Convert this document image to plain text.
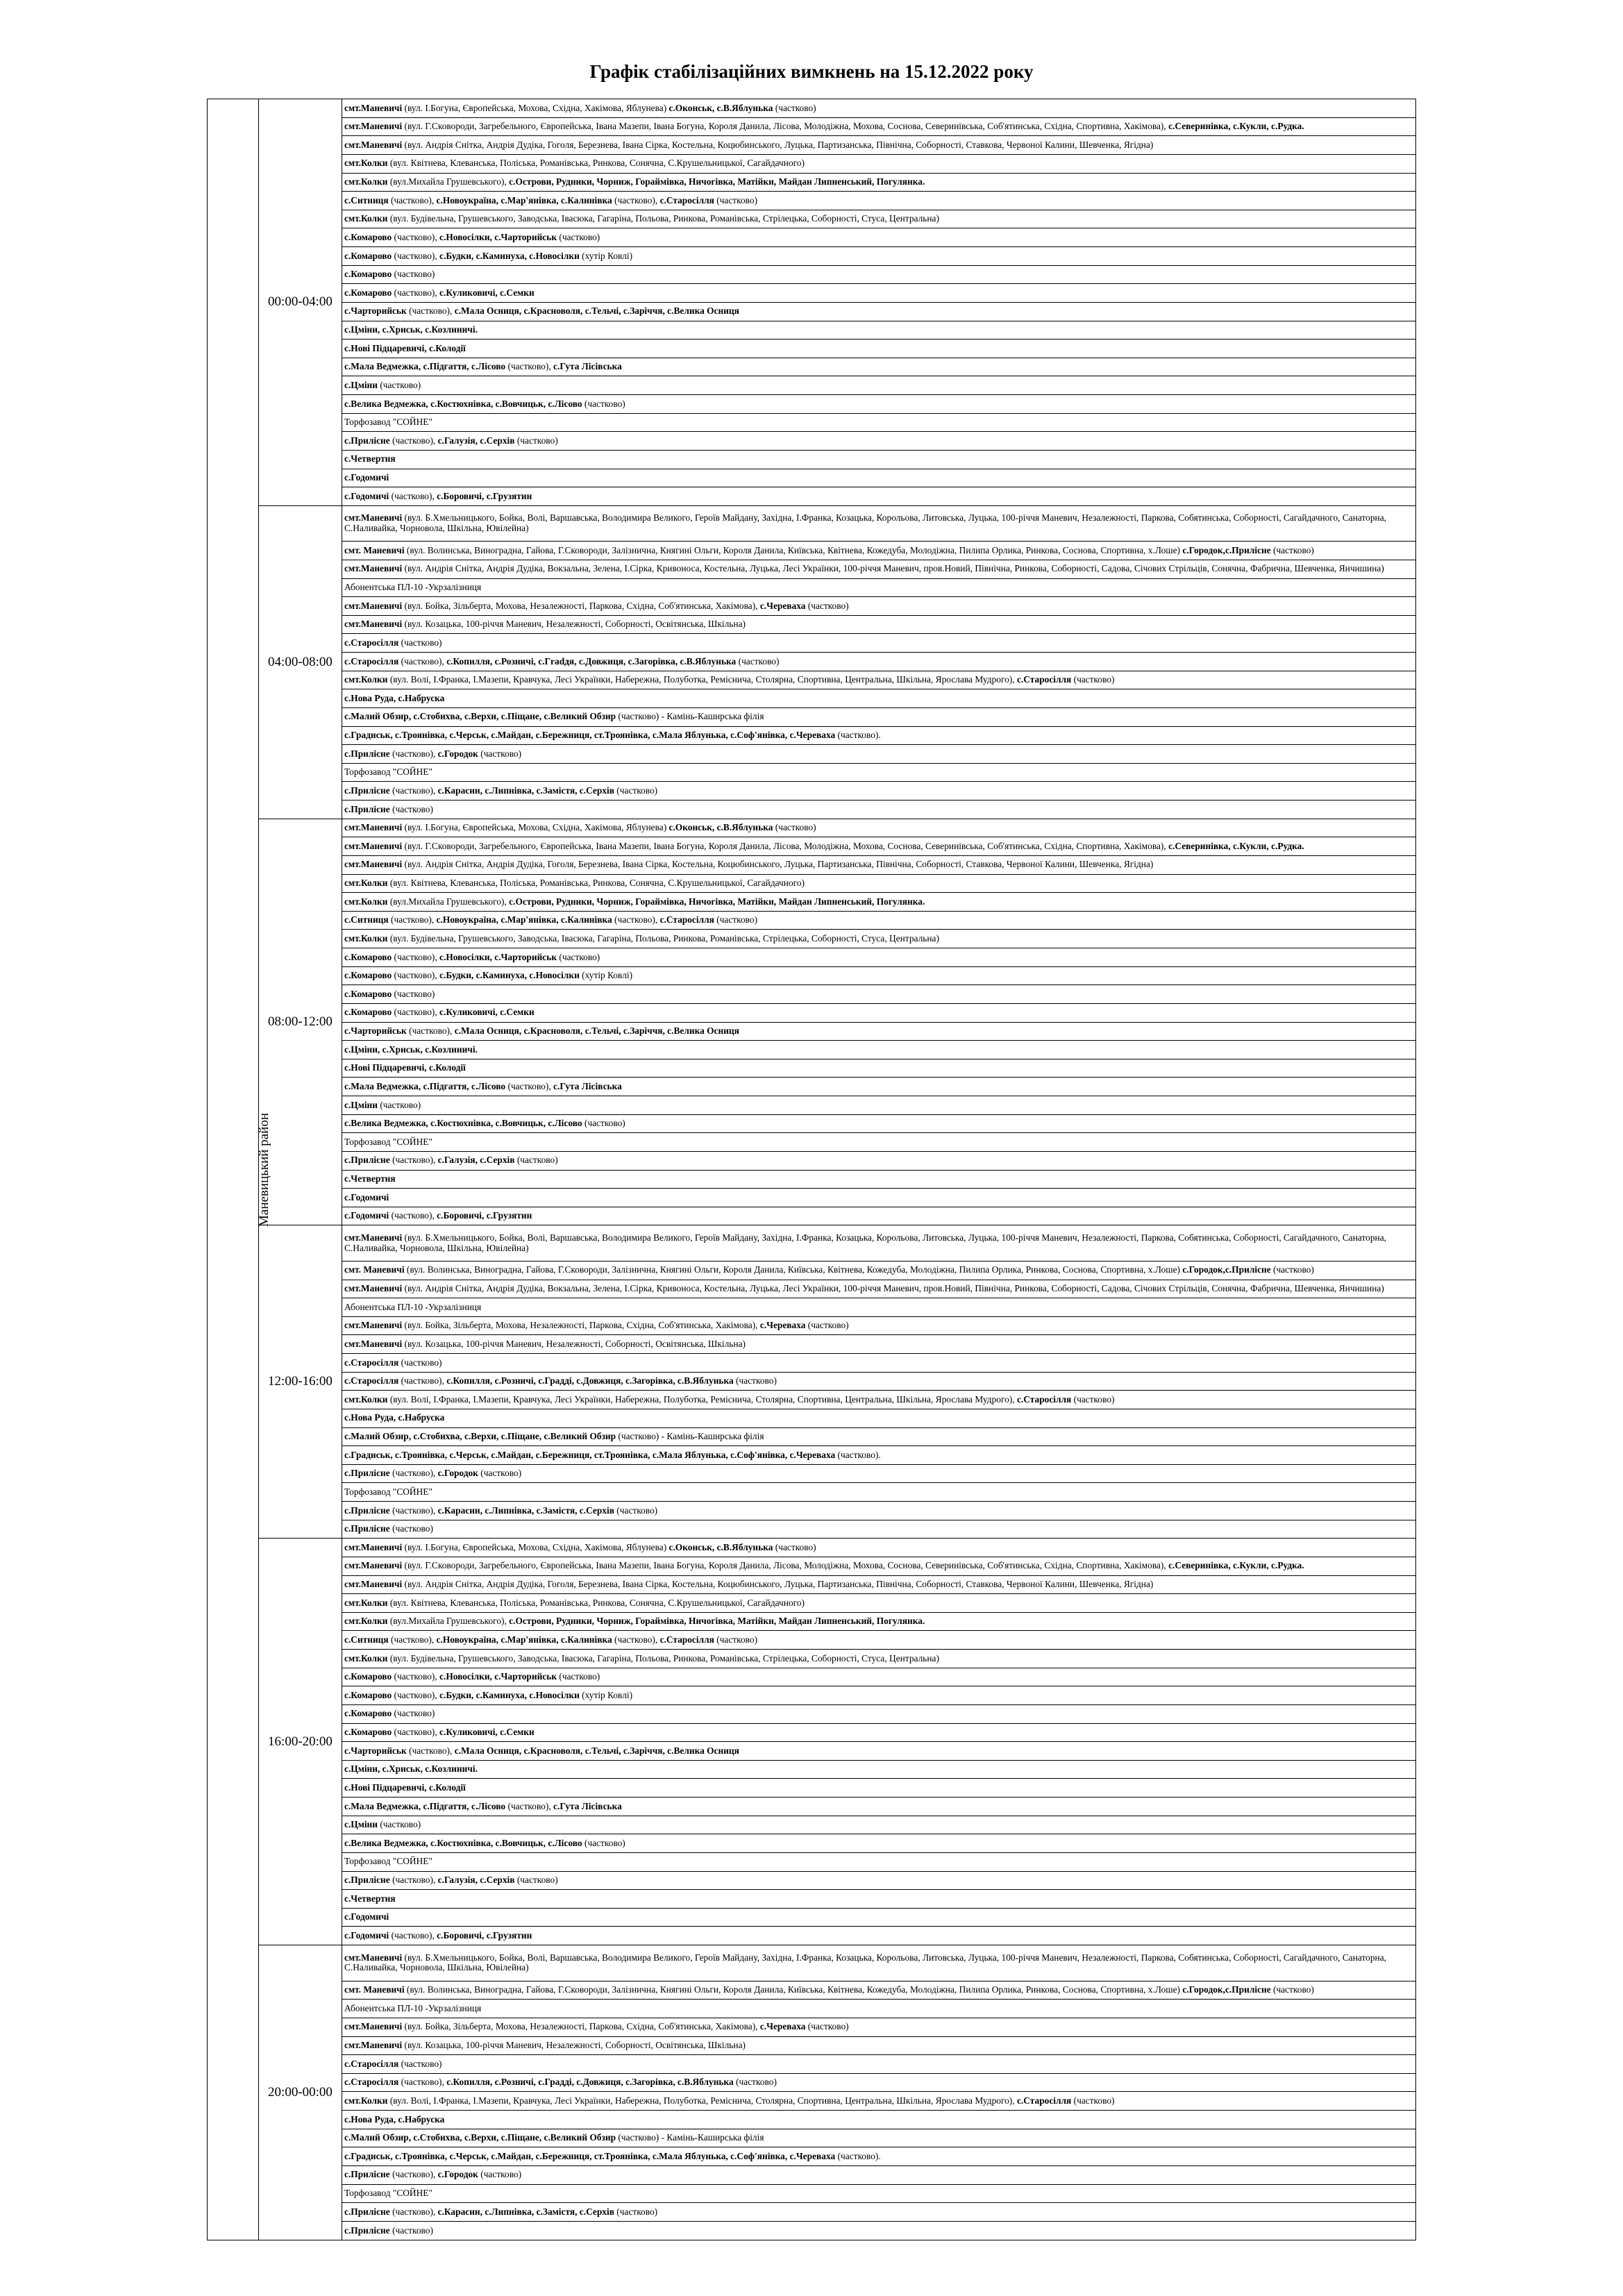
Графік стабілізаційних вимкнень на 15.12.2022 року
Маневицький район	00:00-04:00	смт.Маневичі (вул. І.Богуна, Європейська, Мохова, Східна, Хакімова, Яблунева) с.Оконськ, с.В.Яблунька (частково)
		смт.Маневичі (вул. Г.Сковороди, Загребельного, Європейська, Івана Мазепи, Івана Богуна, Короля Данила, Лісова, Молодіжна, Мохова, Соснова, Северинівська, Соб'ятинська, Східна, Спортивна, Хакімова), с.Северинівка, с.Кукли, с.Рудка.
		смт.Маневичі (вул. Андрія Снітка, Андрія Дудіка, Гоголя, Березнева, Івана Сірка, Костельна, Коцюбинського, Луцька, Партизанська, Північна, Соборності, Ставкова, Червоної Калини, Шевченка, Ягідна)
		смт.Колки (вул. Квітнева, Клеванська, Поліська, Романівська, Ринкова, Сонячна, С.Крушельницької, Сагайдачного)
		смт.Колки (вул.Михайла Грушевського), с.Острови, Рудники, Чорниж, Гораймівка, Ничогівка, Матійки, Майдан Липненський, Погулянка.
		с.Ситниця (частково), с.Новоукраїна, с.Мар'янівка, с.Калинівка (частково), с.Старосілля (частково)
		смт.Колки (вул. Будівельна, Грушевського, Заводська, Івасюка, Гагаріна, Польова, Ринкова, Романівська, Стрілецька, Соборності, Стуса, Центральна)
		с.Комарово (частково), с.Новосілки, с.Чарторийськ (частково)
		с.Комарово (частково), с.Будки, с.Каминуха, с.Новосілки (хутір Ковлі)
		с.Комарово (частково)
		с.Комарово (частково), с.Куликовичі, с.Семки
		с.Чарторийськ (частково), с.Мала Осниця, с.Красноволя, с.Тельчі, с.Заріччя, с.Велика Осниця
		с.Цміни, с.Хриськ, с.Козлиничі.
		с.Нові Підцаревичі, с.Колодії
		с.Мала Ведмежка, с.Підгаття, с.Лісово (частково), с.Гута Лісівська
		с.Цміни (частково)
		с.Велика Ведмежка, с.Костюхнівка, с.Вовчицьк, с.Лісово (частково)
		Торфозавод "СОЙНЕ"
		с.Прилісне (частково), с.Галузія, с.Серхів (частково)
		с.Четвертня
		с.Годомичі
		с.Годомичі (частково), с.Боровичі, с.Грузятин
	04:00-08:00	смт.Маневичі (вул. Б.Хмельницького, Бойка, Волі, Варшавська, Володимира Великого, Героїв Майдану, Західна, І.Франка, Козацька, Корольова, Литовська, Луцька, 100-річчя Маневич, Незалежності, Паркова, Собятинська, Соборності, Сагайдачного, Санаторна, С.Наливайка, Чорновола, Шкільна, Ювілейна)
		смт. Маневичі (вул. Волинська, Виноградна, Гайова, Г.Сковороди, Залізнична, Княгині Ольги, Короля Данила, Київська, Квітнева, Кожедуба, Молодіжна, Пилипа Орлика, Ринкова, Соснова, Спортивна, х.Лоше) с.Городок,с.Прилісне (частково)
		смт.Маневичі (вул. Андрія Снітка, Андрія Дудіка, Вокзальна, Зелена, І.Сірка, Кривоноса, Костельна, Луцька, Лесі Українки, 100-річчя Маневич, пров.Новий, Північна, Ринкова, Соборності, Садова, Січових Стрільців, Сонячна, Фабрична, Шевченка, Янчишина)
		Абонентська ПЛ-10 -Укрзалізниця
		смт.Маневичі (вул. Бойка, Зільберта, Мохова, Незалежності, Паркова, Східна, Соб'ятинська, Хакімова), с.Череваха (частково)
		смт.Маневичі (вул. Козацька, 100-річчя Маневич, Незалежності, Соборності, Освітянська, Шкільна)
		с.Старосілля (частково)
		с.Старосілля (частково), с.Копилля, с.Розничі, с.Гradдя, с.Довжиця, с.Загорівка, с.В.Яблунька (частково)
		смт.Колки (вул. Волі, І.Франка, І.Мазепи, Кравчука, Лесі Українки, Набережна, Полуботка, Ремісничa, Столярна, Спортивна, Центральна, Шкільна, Ярослава Мудрого), с.Старосілля (частково)
		с.Нова Руда, с.Набруска
		с.Малий Обзир, с.Стобихва, с.Верхи, с.Піщане, с.Великий Обзир (частково) - Камінь-Каширська філія
		с.Градиськ, с.Троянівка, с.Черськ, с.Майдан, с.Бережниця, ст.Троянівка, с.Мала Яблунька, с.Соф'янівка, с.Череваха (частково).
		с.Прилісне (частково), с.Городок (частково)
		Торфозавод "СОЙНЕ"
		с.Прилісне (частково), с.Карасин, с.Липнівка, с.Замістя, с.Серхів (частково)
		с.Прилісне (частково)
	08:00-12:00	смт.Маневичі (вул. І.Богуна, Європейська, Мохова, Східна, Хакімова, Яблунева) с.Оконськ, с.В.Яблунька (частково)
		смт.Маневичі (вул. Г.Сковороди, Загребельного, Європейська, Івана Мазепи, Івана Богуна, Короля Данила, Лісова, Молодіжна, Мохова, Соснова, Северинівська, Соб'ятинська, Східна, Спортивна, Хакімова), с.Северинівка, с.Кукли, с.Рудка.
		смт.Маневичі (вул. Андрія Снітка, Андрія Дудіка, Гоголя, Березнева, Івана Сірка, Костельна, Коцюбинського, Луцька, Партизанська, Північна, Соборності, Ставкова, Червоної Калини, Шевченка, Ягідна)
		смт.Колки (вул. Квітнева, Клеванська, Поліська, Романівська, Ринкова, Сонячна, С.Крушельницької, Сагайдачного)
		смт.Колки (вул.Михайла Грушевського), с.Острови, Рудники, Чорниж, Гораймівка, Ничогівка, Матійки, Майдан Липненський, Погулянка.
		с.Ситниця (частково), с.Новоукраїна, с.Мар'янівка, с.Калинівка (частково), с.Старосілля (частково)
		смт.Колки (вул. Будівельна, Грушевського, Заводська, Івасюка, Гагаріна, Польова, Ринкова, Романівська, Стрілецька, Соборності, Стуса, Центральна)
		с.Комарово (частково), с.Новосілки, с.Чарторийськ (частково)
		с.Комарово (частково), с.Будки, с.Каминуха, с.Новосілки (хутір Ковлі)
		с.Комарово (частково)
		с.Комарово (частково), с.Куликовичі, с.Семки
		с.Чарторийськ (частково), с.Мала Осниця, с.Красноволя, с.Тельчі, с.Заріччя, с.Велика Осниця
		с.Цміни, с.Хриськ, с.Козлиничі.
		с.Нові Підцаревичі, с.Колодії
		с.Мала Ведмежка, с.Підгаття, с.Лісово (частково), с.Гута Лісівська
		с.Цміни (частково)
		с.Велика Ведмежка, с.Костюхнівка, с.Вовчицьк, с.Лісово (частково)
		Торфозавод "СОЙНЕ"
		с.Прилісне (частково), с.Галузія, с.Серхів (частково)
		с.Четвертня
		с.Годомичі
		с.Годомичі (частково), с.Боровичі, с.Грузятин
	12:00-16:00	смт.Маневичі (вул. Б.Хмельницького, Бойка, Волі, Варшавська, Володимира Великого, Героїв Майдану, Західна, І.Франка, Козацька, Корольова, Литовська, Луцька, 100-річчя Маневич, Незалежності, Паркова, Собятинська, Соборності, Сагайдачного, Санаторна, С.Наливайка, Чорновола, Шкільна, Ювілейна)
		смт. Маневичі (вул. Волинська, Виноградна, Гайова, Г.Сковороди, Залізнична, Княгині Ольги, Короля Данила, Київська, Квітнева, Кожедуба, Молодіжна, Пилипа Орлика, Ринкова, Соснова, Спортивна, х.Лоше) с.Городок,с.Прилісне (частково)
		смт.Маневичі (вул. Андрія Снітка, Андрія Дудіка, Вокзальна, Зелена, І.Сірка, Кривоноса, Костельна, Луцька, Лесі Українки, 100-річчя Маневич, пров.Новий, Північна, Ринкова, Соборності, Садова, Січових Стрільців, Сонячна, Фабрична, Шевченка, Янчишина)
		Абонентська ПЛ-10 -Укрзалізниця
		смт.Маневичі (вул. Бойка, Зільберта, Мохова, Незалежності, Паркова, Східна, Соб'ятинська, Хакімова), с.Череваха (частково)
		смт.Маневичі (вул. Козацька, 100-річчя Маневич, Незалежності, Соборності, Освітянська, Шкільна)
		с.Старосілля (частково)
		с.Старосілля (частково), с.Копилля, с.Розничі, с.Градді, с.Довжиця, с.Загорівка, с.В.Яблунька (частково)
		смт.Колки (вул. Волі, І.Франка, І.Мазепи, Кравчука, Лесі Українки, Набережна, Полуботка, Ремісничa, Столярна, Спортивна, Центральна, Шкільна, Ярослава Мудрого), с.Старосілля (частково)
		с.Нова Руда, с.Набруска
		с.Малий Обзир, с.Стобихва, с.Верхи, с.Піщане, с.Великий Обзир (частково) - Камінь-Каширська філія
		с.Градиськ, с.Троянівка, с.Черськ, с.Майдан, с.Бережниця, ст.Троянівка, с.Мала Яблунька, с.Соф'янівка, с.Череваха (частково).
		с.Прилісне (частково), с.Городок (частково)
		Торфозавод "СОЙНЕ"
		с.Прилісне (частково), с.Карасин, с.Липнівка, с.Замістя, с.Серхів (частково)
		с.Прилісне (частково)
	16:00-20:00	смт.Маневичі (вул. І.Богуна, Європейська, Мохова, Східна, Хакімова, Яблунева) с.Оконськ, с.В.Яблунька (частково)
		смт.Маневичі (вул. Г.Сковороди, Загребельного, Європейська, Івана Мазепи, Івана Богуна, Короля Данила, Лісова, Молодіжна, Мохова, Соснова, Северинівська, Соб'ятинська, Східна, Спортивна, Хакімова), с.Северинівка, с.Кукли, с.Рудка.
		смт.Маневичі (вул. Андрія Снітка, Андрія Дудіка, Гоголя, Березнева, Івана Сірка, Костельна, Коцюбинського, Луцька, Партизанська, Північна, Соборності, Ставкова, Червоної Калини, Шевченка, Ягідна)
		смт.Колки (вул. Квітнева, Клеванська, Поліська, Романівська, Ринкова, Сонячна, С.Крушельницької, Сагайдачного)
		смт.Колки (вул.Михайла Грушевського), с.Острови, Рудники, Чорниж, Гораймівка, Ничогівка, Матійки, Майдан Липненський, Погулянка.
		с.Ситниця (частково), с.Новоукраїна, с.Мар'янівка, с.Калинівка (частково), с.Старосілля (частково)
		смт.Колки (вул. Будівельна, Грушевського, Заводська, Івасюка, Гагаріна, Польова, Ринкова, Романівська, Стрілецька, Соборності, Стуса, Центральна)
		с.Комарово (частково), с.Новосілки, с.Чарторийськ (частково)
		с.Комарово (частково), с.Будки, с.Каминуха, с.Новосілки (хутір Ковлі)
		с.Комарово (частково)
		с.Комарово (частково), с.Куликовичі, с.Семки
		с.Чарторийськ (частково), с.Мала Осниця, с.Красноволя, с.Тельчі, с.Заріччя, с.Велика Осниця
		с.Цміни, с.Хриськ, с.Козлиничі.
		с.Нові Підцаревичі, с.Колодії
		с.Мала Ведмежка, с.Підгаття, с.Лісово (частково), с.Гута Лісівська
		с.Цміни (частково)
		с.Велика Ведмежка, с.Костюхнівка, с.Вовчицьк, с.Лісово (частково)
		Торфозавод "СОЙНЕ"
		с.Прилісне (частково), с.Галузія, с.Серхів (частково)
		с.Четвертня
		с.Годомичі
		с.Годомичі (частково), с.Боровичі, с.Грузятин
	20:00-00:00	смт.Маневичі (вул. Б.Хмельницького, Бойка, Волі, Варшавська, Володимира Великого, Героїв Майдану, Західна, І.Франка, Козацька, Корольова, Литовська, Луцька, 100-річчя Маневич, Незалежності, Паркова, Собятинська, Соборності, Сагайдачного, Санаторна, С.Наливайка, Чорновола, Шкільна, Ювілейна)
		смт. Маневичі (вул. Волинська, Виноградна, Гайова, Г.Сковороди, Залізнична, Княгині Ольги, Короля Данила, Київська, Квітнева, Кожедуба, Молодіжна, Пилипа Орлика, Ринкова, Соснова, Спортивна, х.Лоше) с.Городок,с.Прилісне (частково)
		Абонентська ПЛ-10 -Укрзалізниця
		смт.Маневичі (вул. Бойка, Зільберта, Мохова, Незалежності, Паркова, Східна, Соб'ятинська, Хакімова), с.Череваха (частково)
		смт.Маневичі (вул. Козацька, 100-річчя Маневич, Незалежності, Соборності, Освітянська, Шкільна)
		с.Старосілля (частково)
		с.Старосілля (частково), с.Копилля, с.Розничі, с.Градді, с.Довжиця, с.Загорівка, с.В.Яблунька (частково)
		смт.Колки (вул. Волі, І.Франка, І.Мазепи, Кравчука, Лесі Українки, Набережна, Полуботка, Ремісничa, Столярна, Спортивна, Центральна, Шкільна, Ярослава Мудрого), с.Старосілля (частково)
		с.Нова Руда, с.Набруска
		с.Малий Обзир, с.Стобихва, с.Верхи, с.Піщане, с.Великий Обзир (частково) - Камінь-Каширська філія
		с.Градиськ, с.Троянівка, с.Черськ, с.Майдан, с.Бережниця, ст.Троянівка, с.Мала Яблунька, с.Соф'янівка, с.Череваха (частково).
		с.Прилісне (частково), с.Городок (частково)
		Торфозавод "СОЙНЕ"
		с.Прилісне (частково), с.Карасин, с.Липнівка, с.Замістя, с.Серхів (частково)
		с.Прилісне (частково)
